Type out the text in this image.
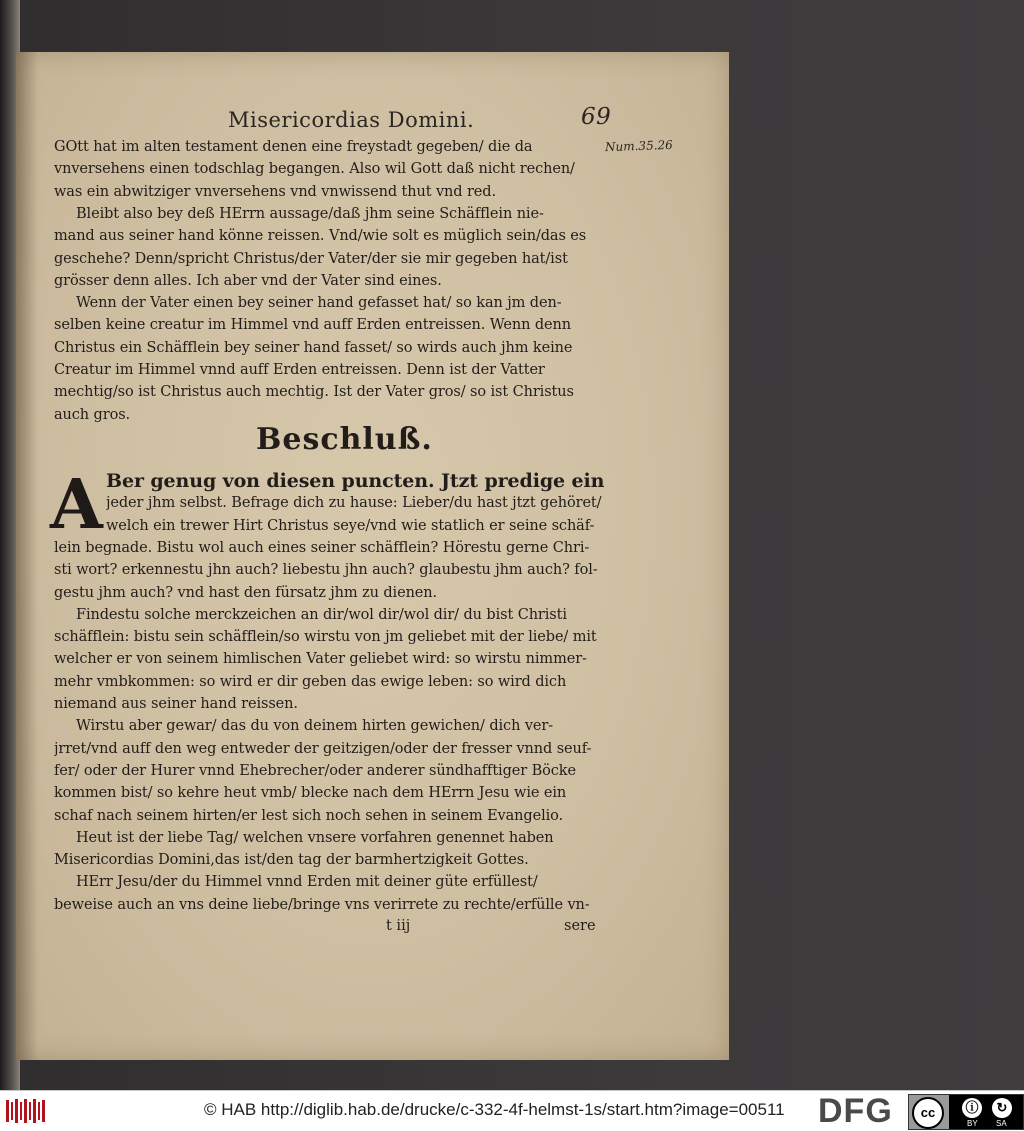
Misericordias Domini.	69
Num.35.26
GOtt hat im alten testament denen eine freystadt gegeben/ die da
vnversehens einen todschlag begangen. Also wil Gott daß nicht rechen/
was ein abwitziger vnversehens vnd vnwissend thut vnd red.
Bleibt also bey deß HErrn aussage/daß jhm seine Schäfflein nie-
mand aus seiner hand könne reissen. Vnd/wie solt es müglich sein/das es
geschehe? Denn/spricht Christus/der Vater/der sie mir gegeben hat/ist
grösser denn alles. Ich aber vnd der Vater sind eines.
Wenn der Vater einen bey seiner hand gefasset hat/ so kan jm den-
selben keine creatur im Himmel vnd auff Erden entreissen. Wenn denn
Christus ein Schäfflein bey seiner hand fasset/ so wirds auch jhm keine
Creatur im Himmel vnnd auff Erden entreissen. Denn ist der Vatter
mechtig/so ist Christus auch mechtig. Ist der Vater gros/ so ist Christus
auch gros.
Beschluß.
A Ber genug von diesen puncten. Jtzt predige ein
jeder jhm selbst. Befrage dich zu hause: Lieber/du hast jtzt gehöret/
welch ein trewer Hirt Christus seye/vnd wie statlich er seine schäf-
lein begnade. Bistu wol auch eines seiner schäfflein? Hörestu gerne Chri-
sti wort? erkennestu jhn auch? liebestu jhn auch? glaubestu jhm auch? fol-
gestu jhm auch? vnd hast den fürsatz jhm zu dienen.
Findestu solche merckzeichen an dir/wol dir/wol dir/ du bist Christi
schäfflein: bistu sein schäfflein/so wirstu von jm geliebet mit der liebe/ mit
welcher er von seinem himlischen Vater geliebet wird: so wirstu nimmer-
mehr vmbkommen: so wird er dir geben das ewige leben: so wird dich
niemand aus seiner hand reissen.
Wirstu aber gewar/ das du von deinem hirten gewichen/ dich ver-
jrret/vnd auff den weg entweder der geitzigen/oder der fresser vnnd seuf-
fer/ oder der Hurer vnnd Ehebrecher/oder anderer sündhafftiger Böcke
kommen bist/ so kehre heut vmb/ blecke nach dem HErrn Jesu wie ein
schaf nach seinem hirten/er lest sich noch sehen in seinem Evangelio.
Heut ist der liebe Tag/ welchen vnsere vorfahren genennet haben
Misericordias Domini,das ist/den tag der barmhertzigkeit Gottes.
HErr Jesu/der du Himmel vnnd Erden mit deiner güte erfüllest/
beweise auch an vns deine liebe/bringe vns verirrete zu rechte/erfülle vn-
t iij	sere
© HAB http://diglib.hab.de/drucke/c-332-4f-helmst-1s/start.htm?image=00511 DFG	cc	ⓘ	↻
BY SA
